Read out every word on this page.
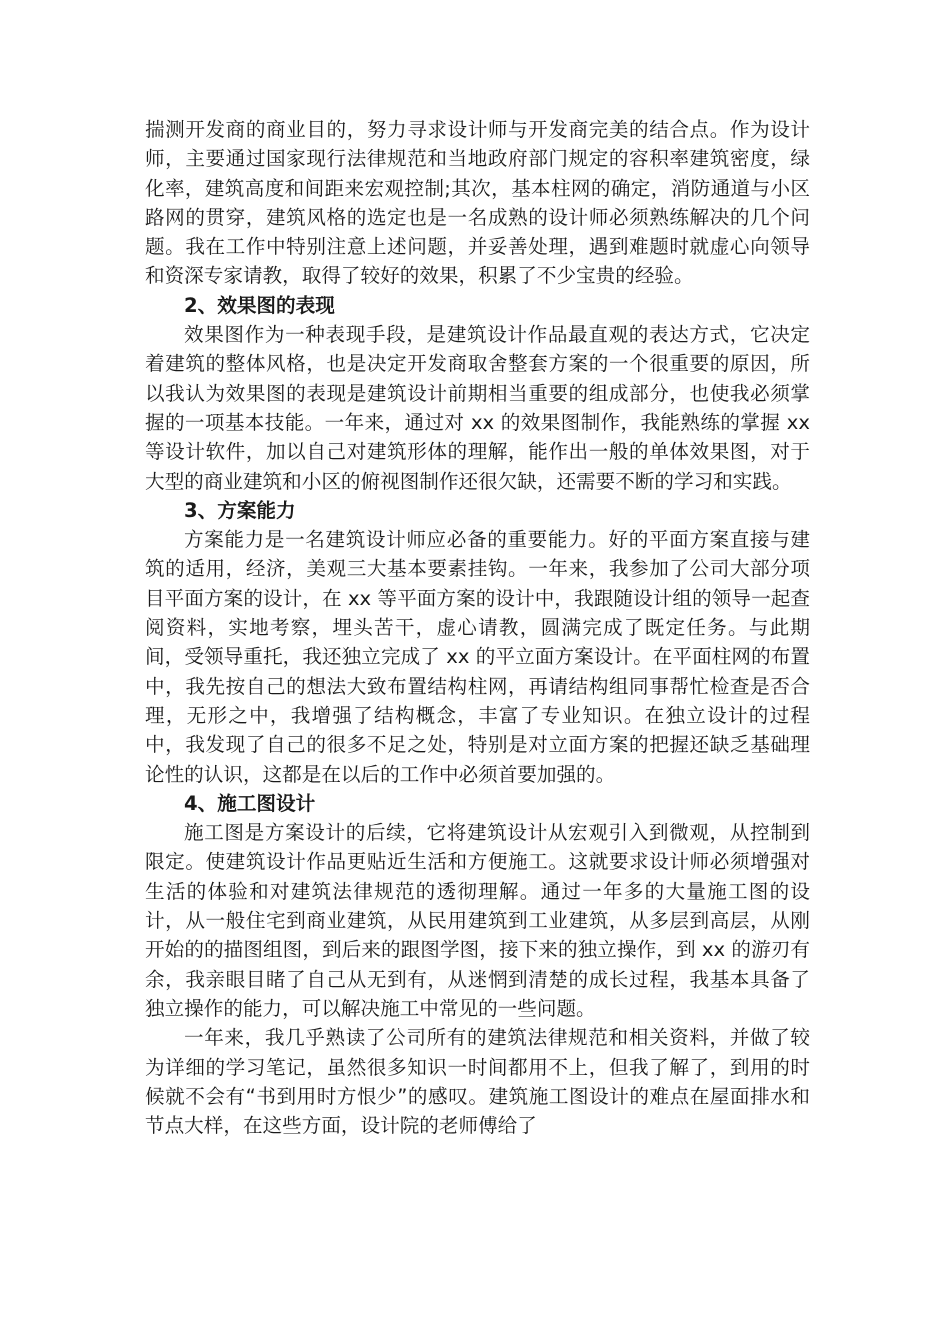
揣测开发商的商业目的，努力寻求设计师与开发商完美的结合点。作为设计师，主要通过国家现行法律规范和当地政府部门规定的容积率建筑密度，绿化率，建筑高度和间距来宏观控制;其次，基本柱网的确定，消防通道与小区路网的贯穿，建筑风格的选定也是一名成熟的设计师必须熟练解决的几个问题。我在工作中特别注意上述问题，并妥善处理，遇到难题时就虚心向领导和资深专家请教，取得了较好的效果，积累了不少宝贵的经验。

2、效果图的表现

效果图作为一种表现手段，是建筑设计作品最直观的表达方式，它决定着建筑的整体风格，也是决定开发商取舍整套方案的一个很重要的原因，所以我认为效果图的表现是建筑设计前期相当重要的组成部分，也使我必须掌握的一项基本技能。一年来，通过对 xx 的效果图制作，我能熟练的掌握 xx 等设计软件，加以自己对建筑形体的理解，能作出一般的单体效果图，对于大型的商业建筑和小区的俯视图制作还很欠缺，还需要不断的学习和实践。

3、方案能力

方案能力是一名建筑设计师应必备的重要能力。好的平面方案直接与建筑的适用，经济，美观三大基本要素挂钩。一年来，我参加了公司大部分项目平面方案的设计，在 xx 等平面方案的设计中，我跟随设计组的领导一起查阅资料，实地考察，埋头苦干，虚心请教，圆满完成了既定任务。与此期间，受领导重托，我还独立完成了 xx 的平立面方案设计。在平面柱网的布置中，我先按自己的想法大致布置结构柱网，再请结构组同事帮忙检查是否合理，无形之中，我增强了结构概念，丰富了专业知识。在独立设计的过程中，我发现了自己的很多不足之处，特别是对立面方案的把握还缺乏基础理论性的认识，这都是在以后的工作中必须首要加强的。

4、施工图设计

施工图是方案设计的后续，它将建筑设计从宏观引入到微观，从控制到限定。使建筑设计作品更贴近生活和方便施工。这就要求设计师必须增强对生活的体验和对建筑法律规范的透彻理解。通过一年多的大量施工图的设计，从一般住宅到商业建筑，从民用建筑到工业建筑，从多层到高层，从刚开始的的描图组图，到后来的跟图学图，接下来的独立操作，到 xx 的游刃有余，我亲眼目睹了自己从无到有，从迷惘到清楚的成长过程，我基本具备了独立操作的能力，可以解决施工中常见的一些问题。

一年来，我几乎熟读了公司所有的建筑法律规范和相关资料，并做了较为详细的学习笔记，虽然很多知识一时间都用不上，但我了解了，到用的时候就不会有“书到用时方恨少”的感叹。建筑施工图设计的难点在屋面排水和节点大样，在这些方面，设计院的老师傅给了
